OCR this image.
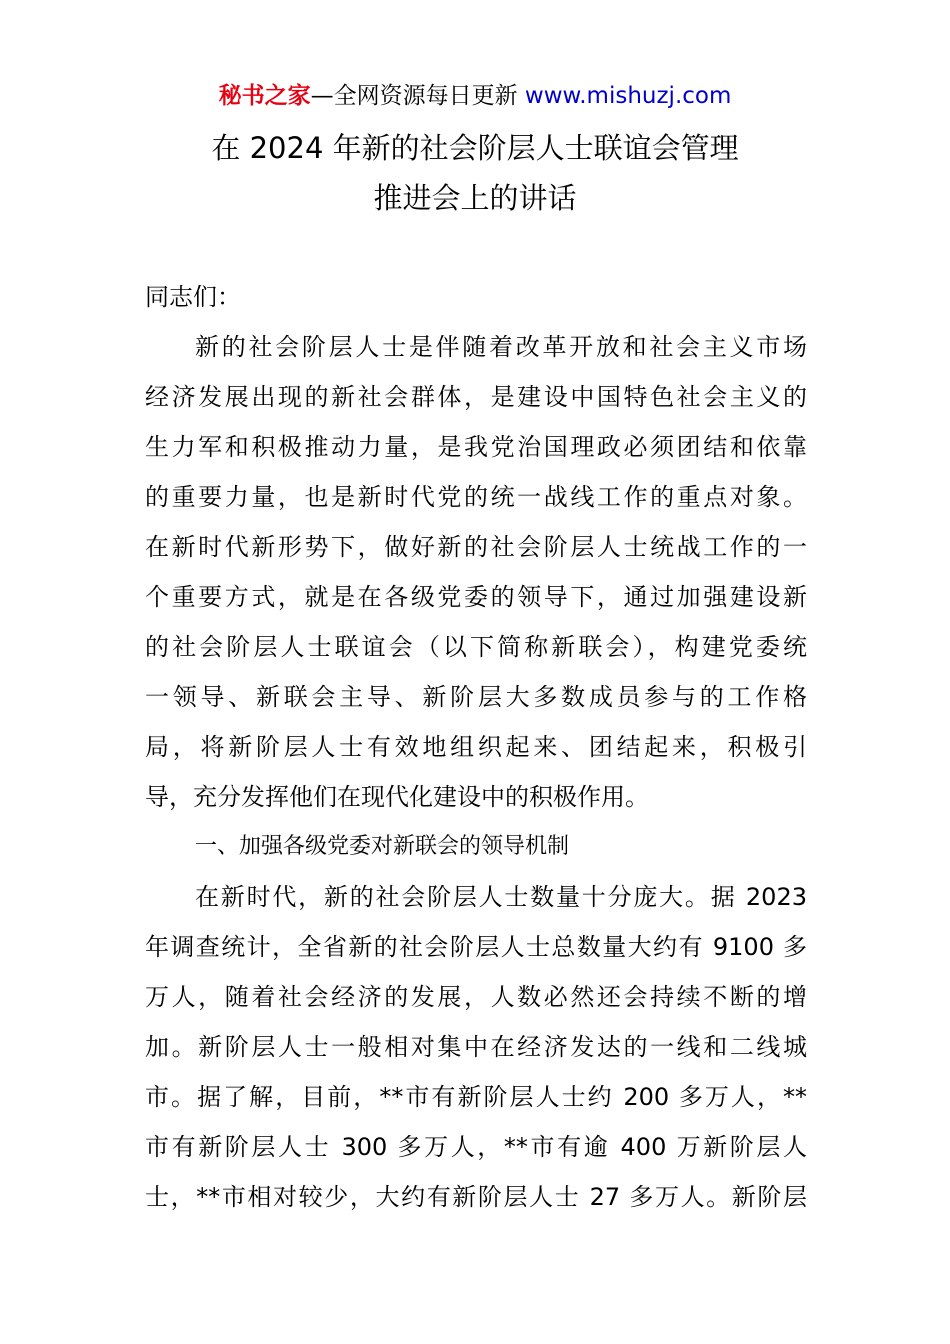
秘书之家—全网资源每日更新 www.mishuzj.com
在 2024 年新的社会阶层人士联谊会管理
推进会上的讲话
同志们：
新的社会阶层人士是伴随着改革开放和社会主义市场
经济发展出现的新社会群体，是建设中国特色社会主义的
生力军和积极推动力量，是我党治国理政必须团结和依靠
的重要力量，也是新时代党的统一战线工作的重点对象。
在新时代新形势下，做好新的社会阶层人士统战工作的一
个重要方式，就是在各级党委的领导下，通过加强建设新
的社会阶层人士联谊会（以下简称新联会），构建党委统
一领导、新联会主导、新阶层大多数成员参与的工作格
局，将新阶层人士有效地组织起来、团结起来，积极引
导，充分发挥他们在现代化建设中的积极作用。
一、加强各级党委对新联会的领导机制
在新时代，新的社会阶层人士数量十分庞大。据 2023
年调查统计，全省新的社会阶层人士总数量大约有 9100 多
万人，随着社会经济的发展，人数必然还会持续不断的增
加。新阶层人士一般相对集中在经济发达的一线和二线城
市。据了解，目前，**市有新阶层人士约 200 多万人，**
市有新阶层人士 300 多万人，**市有逾 400 万新阶层人
士，**市相对较少，大约有新阶层人士 27 多万人。新阶层
